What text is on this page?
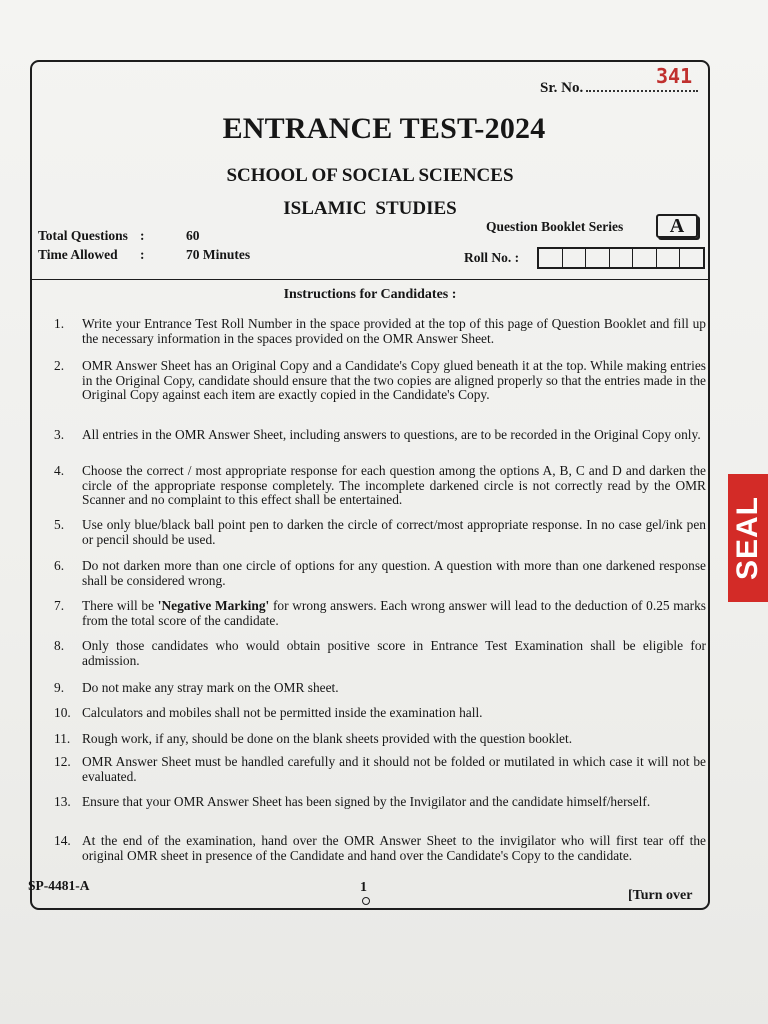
Sr. No.	341
ENTRANCE TEST-2024
SCHOOL OF SOCIAL SCIENCES
ISLAMIC STUDIES
Total Questions :	60
Time Allowed :	70 Minutes
Question Booklet Series	A
Roll No. :
Instructions for Candidates :
1.	Write your Entrance Test Roll Number in the space provided at the top of this page of Question Booklet and fill up the necessary information in the spaces provided on the OMR Answer Sheet.
2.	OMR Answer Sheet has an Original Copy and a Candidate's Copy glued beneath it at the top. While making entries in the Original Copy, candidate should ensure that the two copies are aligned properly so that the entries made in the Original Copy against each item are exactly copied in the Candidate's Copy.
3.	All entries in the OMR Answer Sheet, including answers to questions, are to be recorded in the Original Copy only.
4.	Choose the correct / most appropriate response for each question among the options A, B, C and D and darken the circle of the appropriate response completely. The incomplete darkened circle is not correctly read by the OMR Scanner and no complaint to this effect shall be entertained.
5.	Use only blue/black ball point pen to darken the circle of correct/most appropriate response. In no case gel/ink pen or pencil should be used.
6.	Do not darken more than one circle of options for any question. A question with more than one darkened response shall be considered wrong.
7.	There will be 'Negative Marking' for wrong answers. Each wrong answer will lead to the deduction of 0.25 marks from the total score of the candidate.
8.	Only those candidates who would obtain positive score in Entrance Test Examination shall be eligible for admission.
9.	Do not make any stray mark on the OMR sheet.
10. Calculators and mobiles shall not be permitted inside the examination hall.
11. Rough work, if any, should be done on the blank sheets provided with the question booklet.
12. OMR Answer Sheet must be handled carefully and it should not be folded or mutilated in which case it will not be evaluated.
13. Ensure that your OMR Answer Sheet has been signed by the Invigilator and the candidate himself/herself.
14. At the end of the examination, hand over the OMR Answer Sheet to the invigilator who will first tear off the original OMR sheet in presence of the Candidate and hand over the Candidate's Copy to the candidate.
SP-4481-A	1
[Turn over
SEAL
